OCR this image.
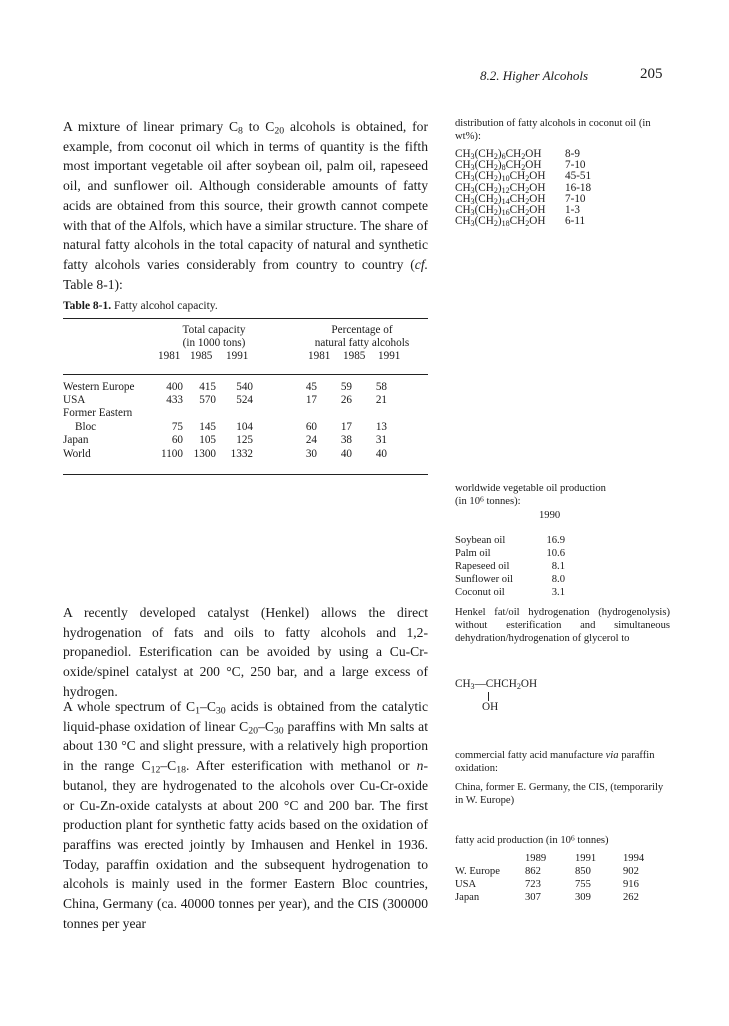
8.2. Higher Alcohols	205

A mixture of linear primary $C_8$ to $C_{20}$ alcohols is obtained, for example, from coconut oil which in terms of quantity is the fifth most important vegetable oil after soybean oil, palm oil, rapeseed oil, and sunflower oil. Although considerable amounts of fatty acids are obtained from this source, their growth cannot compete with that of the Alfols, which have a similar structure. The share of natural fatty alcohols in the total capacity of natural and synthetic fatty alcohols varies considerably from country to country (cf. Table 8-1):

distribution of fatty alcohols in coconut oil (in wt%):

$CH_3(CH_2)_6CH_2OH$	8-9
$CH_3(CH_2)_8CH_2OH$	7-10
$CH_3(CH_2)_{10}CH_2OH$	45-51
$CH_3(CH_2)_{12}CH_2OH$	16-18
$CH_3(CH_2)_{14}CH_2OH$	7-10
$CH_3(CH_2)_{16}CH_2OH$	1-3
$CH_3(CH_2)_{18}CH_2OH$	6-11
Table 8-1. Fatty alcohol capacity.
Total capacity
(in 1000 tons)
Percentage of
natural fatty alcohols
1981 1985 1991	1981 1985 1991
Western Europe	400	415	540	45	59	58
USA	433	570	524	17	26	21
Former Eastern						
Bloc	75	145	104	60	17	13
Japan	60	105	125	24	38	31
World	1100	1300	1332	30	40	40

worldwide vegetable oil production

(in $10^6$ tonnes):

1990
Soybean oil	16.9
Palm oil	10.6
Rapeseed oil	8.1
Sunflower oil	8.0
Coconut oil	3.1

A recently developed catalyst (Henkel) allows the direct hydrogenation of fats and oils to fatty alcohols and 1,2-propanediol. Esterification can be avoided by using a Cu-Cr-oxide/spinel catalyst at 200 °C, 250 bar, and a large excess of hydrogen.

A whole spectrum of $C_1-C_{30}$ acids is obtained from the catalytic liquid-phase oxidation of linear $C_{20}-C_{30}$ paraffins with Mn salts at about 130 °C and slight pressure, with a relatively high proportion in the range $C_{12}-C_{18}$. After esterification with methanol or n-butanol, they are hydrogenated to the alcohols over Cu-Cr-oxide or Cu-Zn-oxide catalysts at about 200 °C and 200 bar. The first production plant for synthetic fatty acids based on the oxidation of paraffins was erected jointly by Imhausen and Henkel in 1936. Today, paraffin oxidation and the subsequent hydrogenation to alcohols is mainly used in the former Eastern Bloc countries, China, Germany (ca. 40000 tonnes per year), and the CIS (300000 tonnes per year

Henkel fat/oil hydrogenation (hydrogenolysis) without esterification and simultaneous dehydration/hydrogenation of glycerol to

$CH_3—CHCH_2OH$
OH

commercial fatty acid manufacture via paraffin oxidation:

China, former E. Germany, the CIS, (temporarily in W. Europe)

fatty acid production (in $10^6$ tonnes)

	1989	1991	1994
W. Europe	862	850	902
USA	723	755	916
Japan	307	309	262
